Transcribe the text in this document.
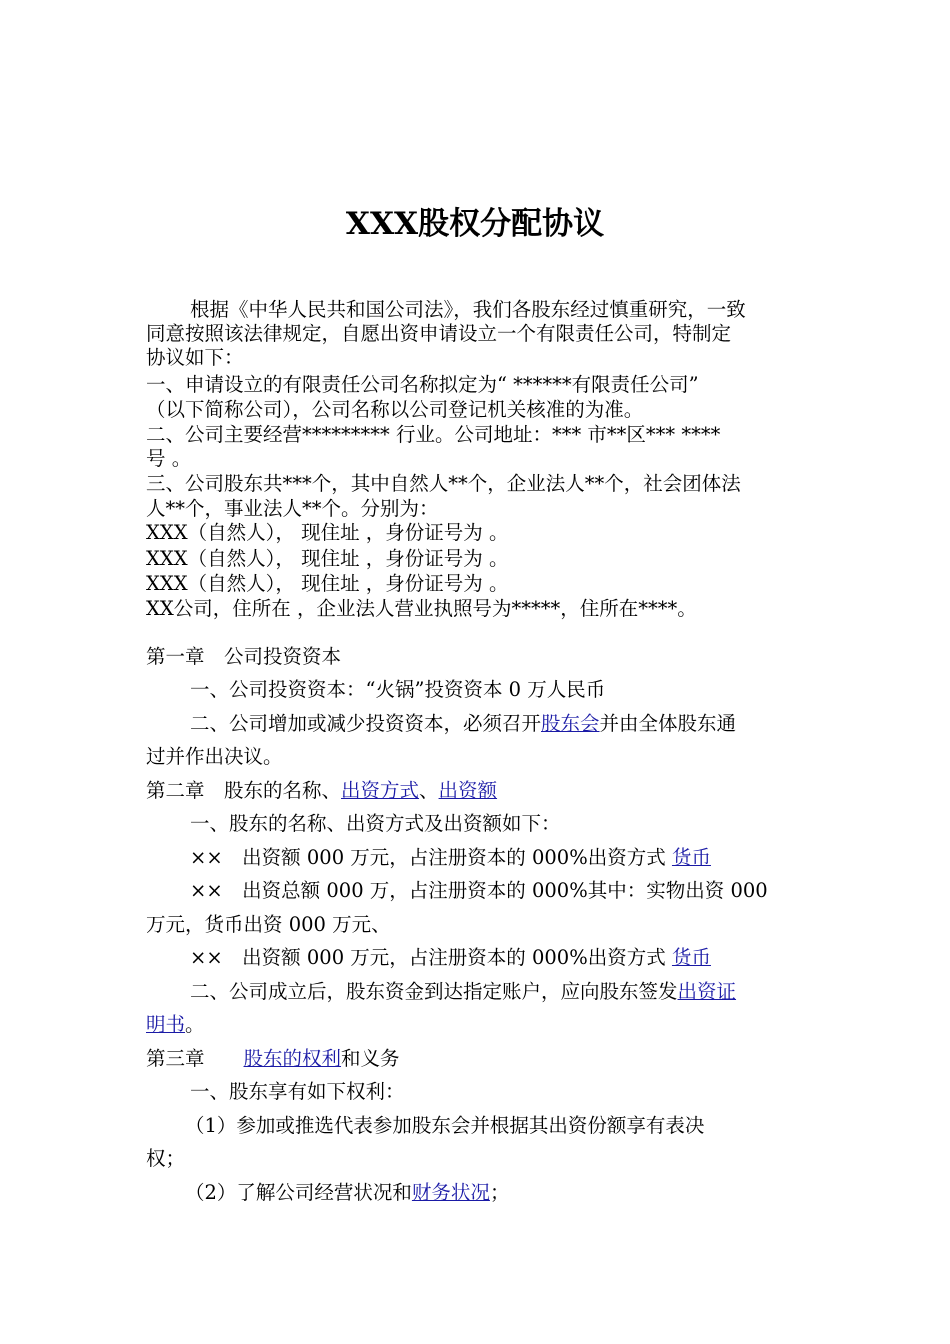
XXX股权分配协议
根据《中华人民共和国公司法》，我们各股东经过慎重研究，一致
同意按照该法律规定，自愿出资申请设立一个有限责任公司，特制定
协议如下：
一、申请设立的有限责任公司名称拟定为“ ******有限责任公司”
（以下简称公司），公司名称以公司登记机关核准的为准。
二、公司主要经营********* 行业。公司地址：*** 市**区*** ****
号 。
三、公司股东共***个，其中自然人**个，企业法人**个，社会团体法
人**个，事业法人**个。分别为：
XXX（自然人）， 现住址 ，身份证号为 。
XXX（自然人）， 现住址 ，身份证号为 。
XXX（自然人）， 现住址 ，身份证号为 。
XX公司，住所在 ，企业法人营业执照号为*****，住所在****。
第一章　公司投资资本
一、公司投资资本：“火锅”投资资本 0 万人民币
二、公司增加或减少投资资本，必须召开股东会并由全体股东通
过并作出决议。
第二章　股东的名称、出资方式、出资额
一、股东的名称、出资方式及出资额如下：
××　出资额 000 万元，占注册资本的 000%出资方式 货币
××　出资总额 000 万，占注册资本的 000%其中：实物出资 000
万元，货币出资 000 万元、
××　出资额 000 万元，占注册资本的 000%出资方式 货币
二、公司成立后，股东资金到达指定账户，应向股东签发出资证
明书。
第三章　　股东的权利和义务
一、股东享有如下权利：
（1）参加或推选代表参加股东会并根据其出资份额享有表决
权；
（2）了解公司经营状况和财务状况；
